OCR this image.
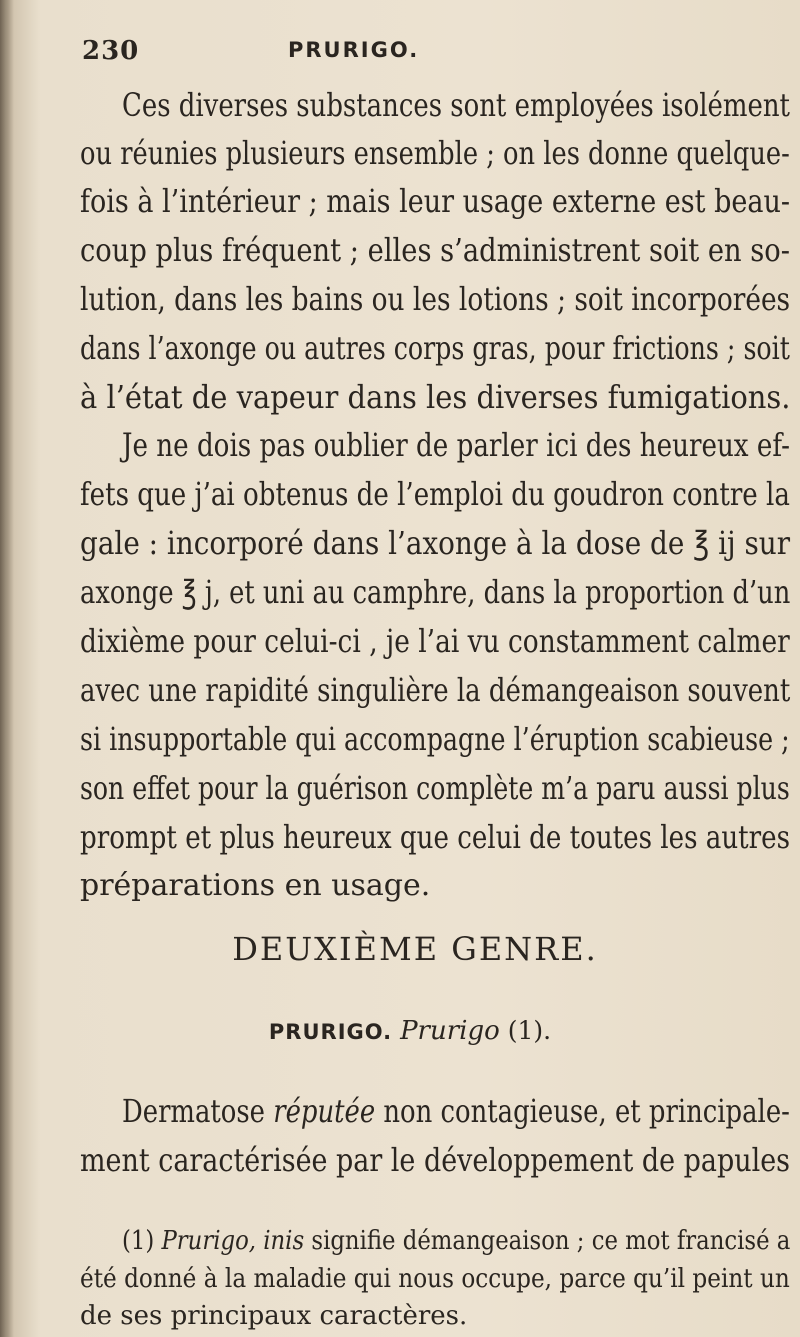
230	PRURIGO.
Ces diverses substances sont employées isolément
ou réunies plusieurs ensemble ; on les donne quelque-
fois à l’intérieur ; mais leur usage externe est beau-
coup plus fréquent ; elles s’administrent soit en so-
lution, dans les bains ou les lotions ; soit incorporées
dans l’axonge ou autres corps gras, pour frictions ; soit
à l’état de vapeur dans les diverses fumigations.
Je ne dois pas oublier de parler ici des heureux ef-
fets que j’ai obtenus de l’emploi du goudron contre la
gale : incorporé dans l’axonge à la dose de ℥ ij sur
axonge ℥ j, et uni au camphre, dans la proportion d’un
dixième pour celui-ci , je l’ai vu constamment calmer
avec une rapidité singulière la démangeaison souvent
si insupportable qui accompagne l’éruption scabieuse ;
son effet pour la guérison complète m’a paru aussi plus
prompt et plus heureux que celui de toutes les autres
préparations en usage.
DEUXIÈME GENRE.
PRURIGO. Prurigo (1).
Dermatose réputée non contagieuse, et principale-
ment caractérisée par le développement de papules
(1) Prurigo, inis signifie démangeaison ; ce mot francisé a
été donné à la maladie qui nous occupe, parce qu’il peint un
de ses principaux caractères.
